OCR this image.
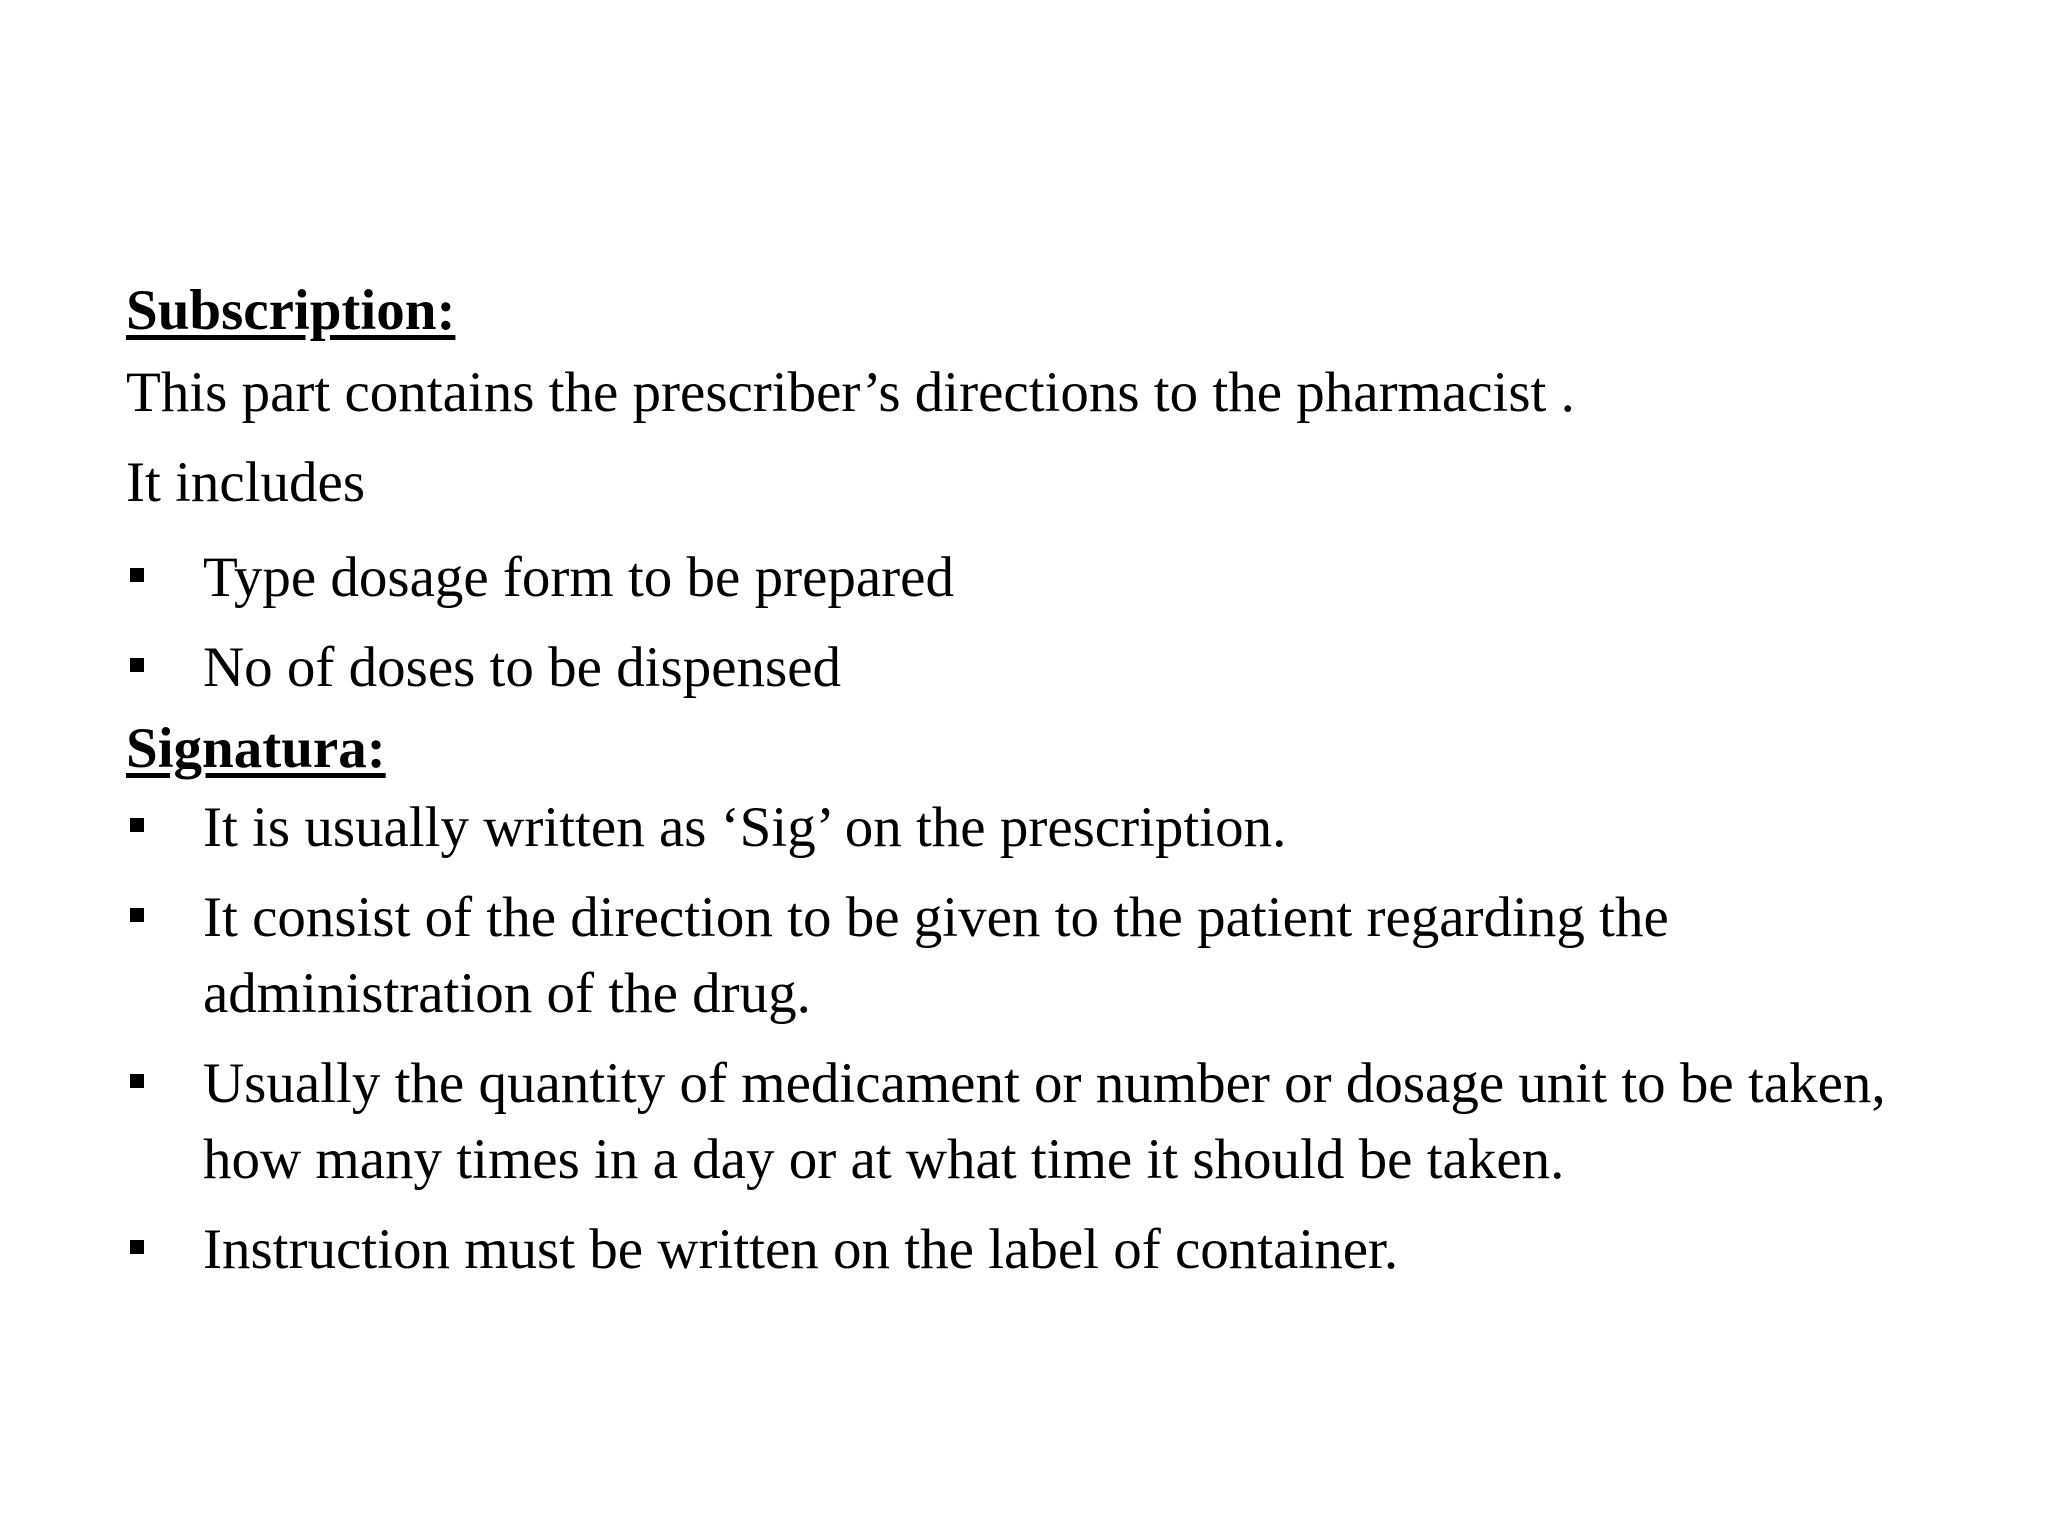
Subscription:

This part contains the prescriber’s directions to the pharmacist .

It includes

Type dosage form to be prepared
No of doses to be dispensed

Signatura:

It is usually written as ‘Sig’ on the prescription.
It consist of the direction to be given to the patient regarding the administration of the drug.
Usually the quantity of medicament or number or dosage unit to be taken, how many times in a day or at what time it should be taken.
Instruction must be written on the label of container.
